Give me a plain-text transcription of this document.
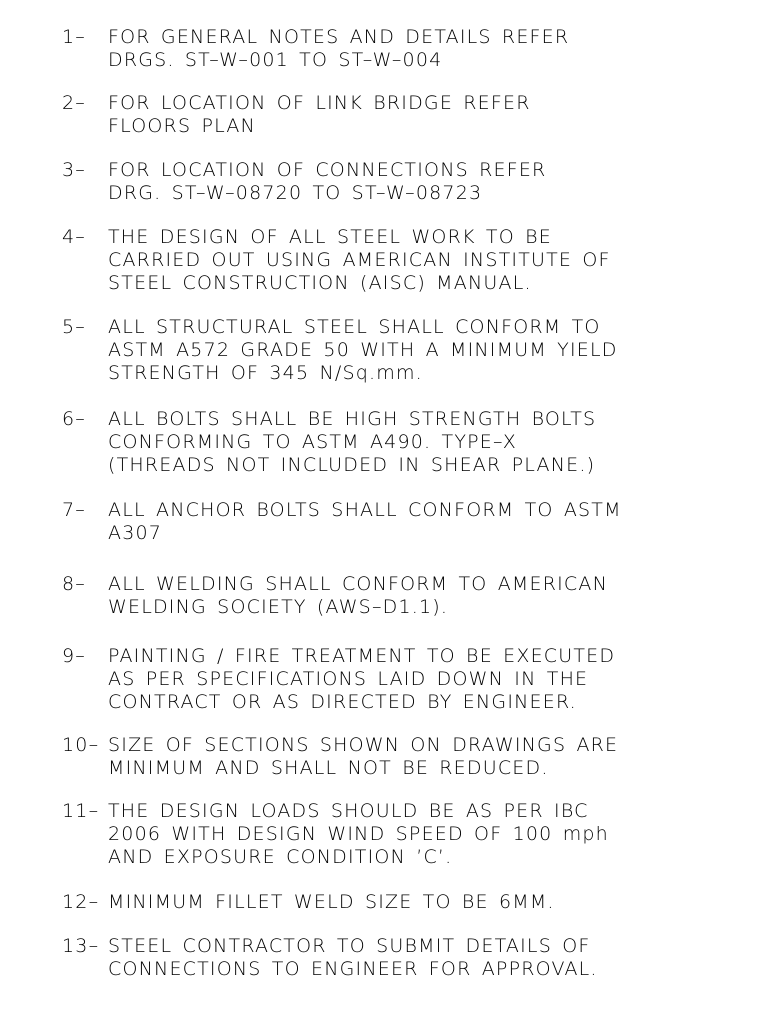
1– FOR GENERAL NOTES AND DETAILS REFER
DRGS. ST–W–001 TO ST–W–004
2– FOR LOCATION OF LINK BRIDGE REFER
FLOORS PLAN
3– FOR LOCATION OF CONNECTIONS REFER
DRG. ST–W–08720 TO ST–W–08723
4– THE DESIGN OF ALL STEEL WORK TO BE
CARRIED OUT USING AMERICAN INSTITUTE OF
STEEL CONSTRUCTION (AISC) MANUAL.
5– ALL STRUCTURAL STEEL SHALL CONFORM TO
ASTM A572 GRADE 50 WITH A MINIMUM YIELD
STRENGTH OF 345 N/Sq.mm.
6– ALL BOLTS SHALL BE HIGH STRENGTH BOLTS
CONFORMING TO ASTM A490. TYPE–X
(THREADS NOT INCLUDED IN SHEAR PLANE.)
7– ALL ANCHOR BOLTS SHALL CONFORM TO ASTM
A307
8– ALL WELDING SHALL CONFORM TO AMERICAN
WELDING SOCIETY (AWS–D1.1).
9– PAINTING / FIRE TREATMENT TO BE EXECUTED
AS PER SPECIFICATIONS LAID DOWN IN THE
CONTRACT OR AS DIRECTED BY ENGINEER.
10– SIZE OF SECTIONS SHOWN ON DRAWINGS ARE
MINIMUM AND SHALL NOT BE REDUCED.
11– THE DESIGN LOADS SHOULD BE AS PER IBC
2006 WITH DESIGN WIND SPEED OF 100 mph
AND EXPOSURE CONDITION ’C’.
12– MINIMUM FILLET WELD SIZE TO BE 6MM.
13– STEEL CONTRACTOR TO SUBMIT DETAILS OF
CONNECTIONS TO ENGINEER FOR APPROVAL.
